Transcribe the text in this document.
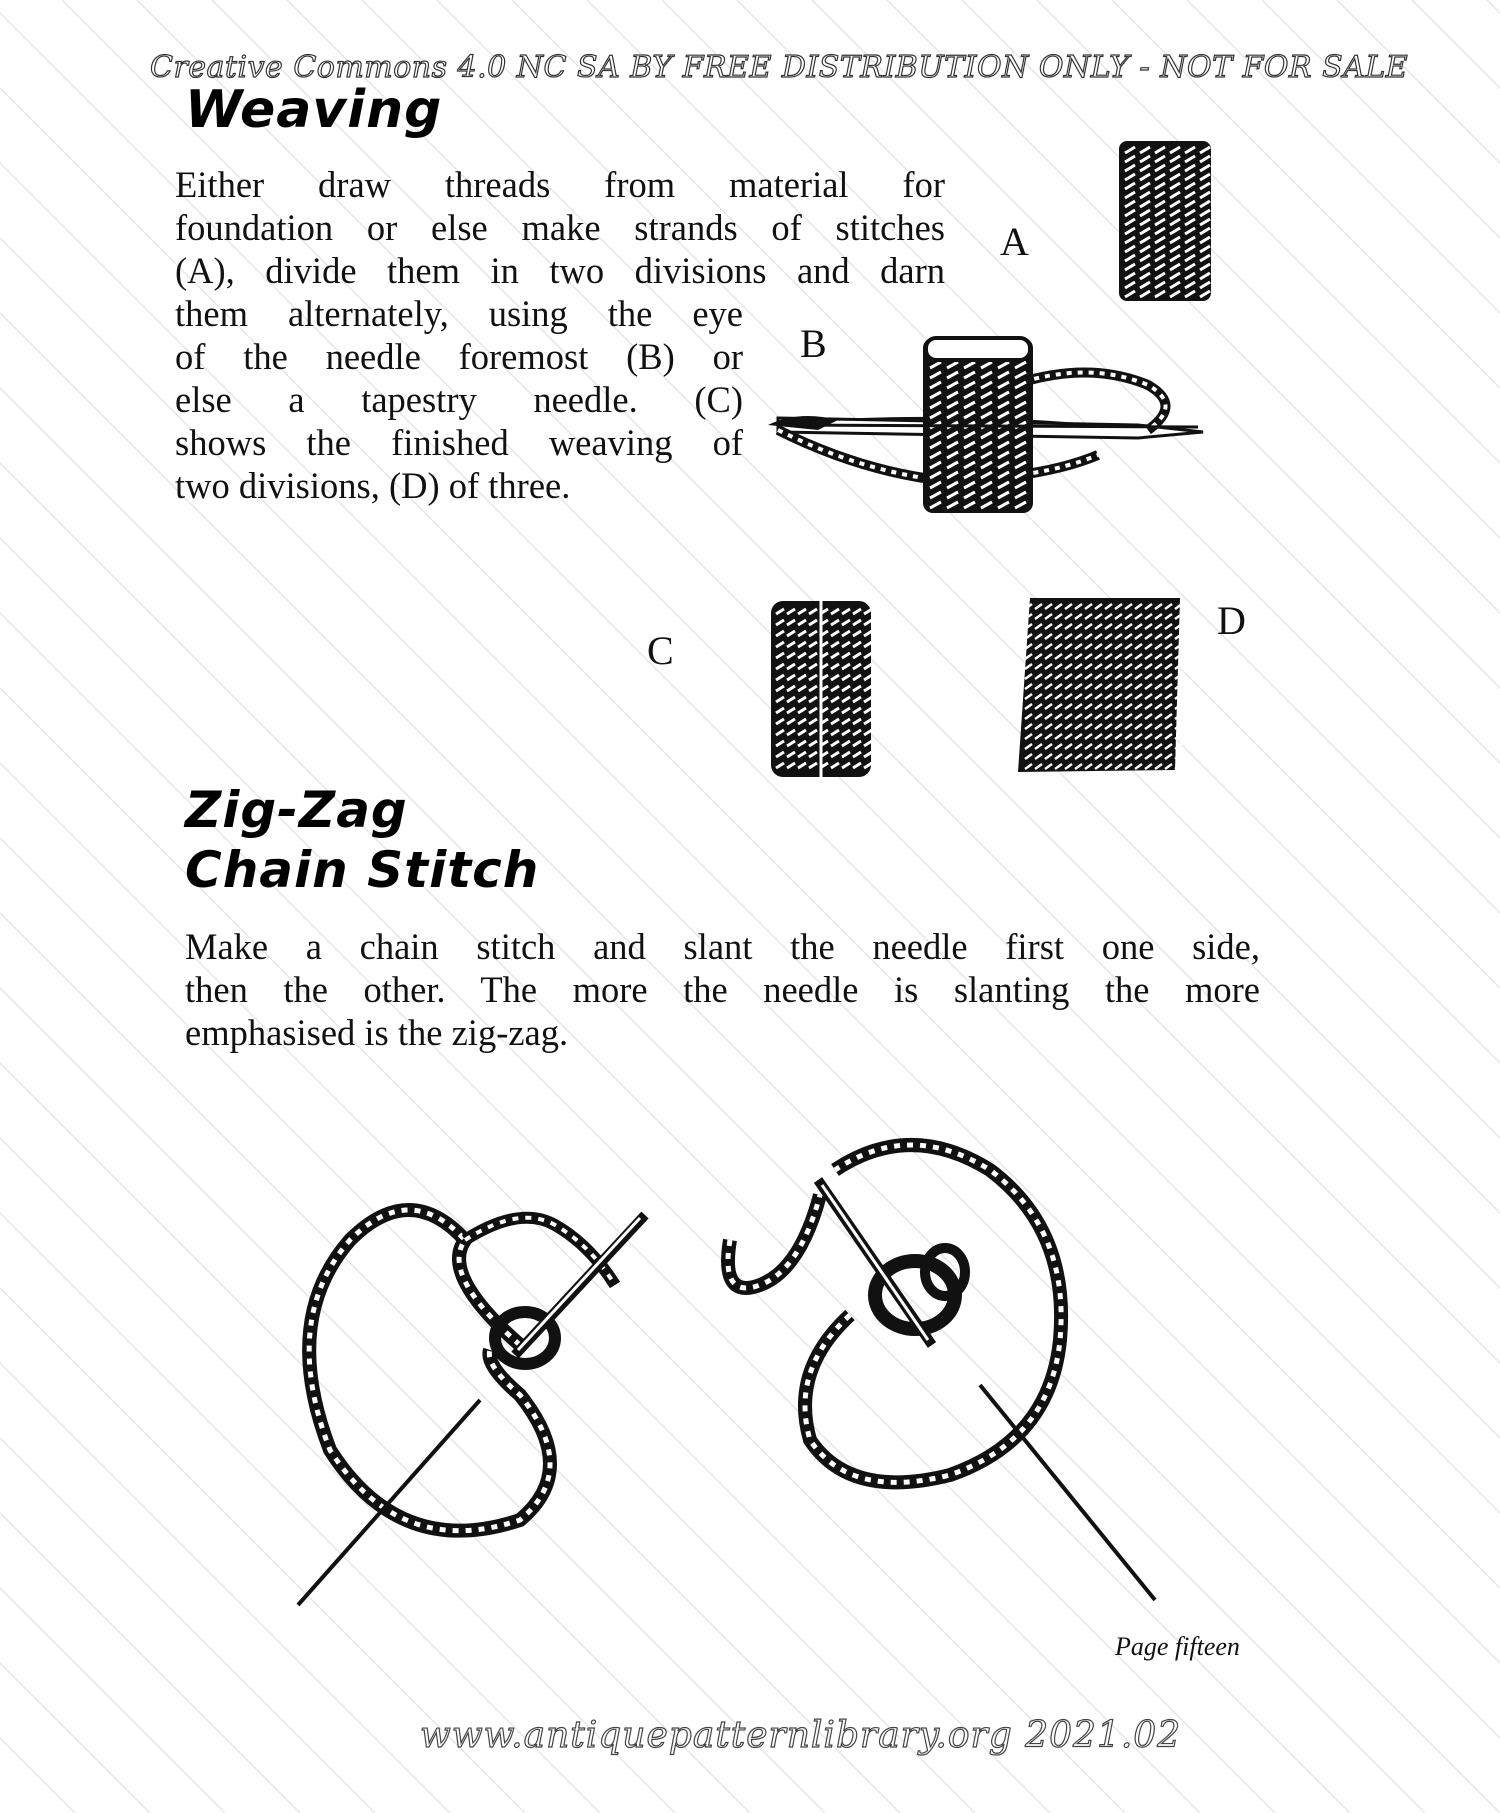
Creative Commons 4.0 NC SA BY FREE DISTRIBUTION ONLY - NOT FOR SALE
Weaving
Either draw threads from material for
foundation or else make strands of stitches
(A), divide them in two divisions and darn
them alternately, using the eye
of the needle foremost (B) or
else a tapestry needle. (C)
shows the finished weaving of
two divisions, (D) of three.
A
B
C
D
Zig-Zag
Chain Stitch
Make a chain stitch and slant the needle first one side,
then the other. The more the needle is slanting the more
emphasised is the zig-zag.
Page fifteen
www.antiquepatternlibrary.org 2021.02
